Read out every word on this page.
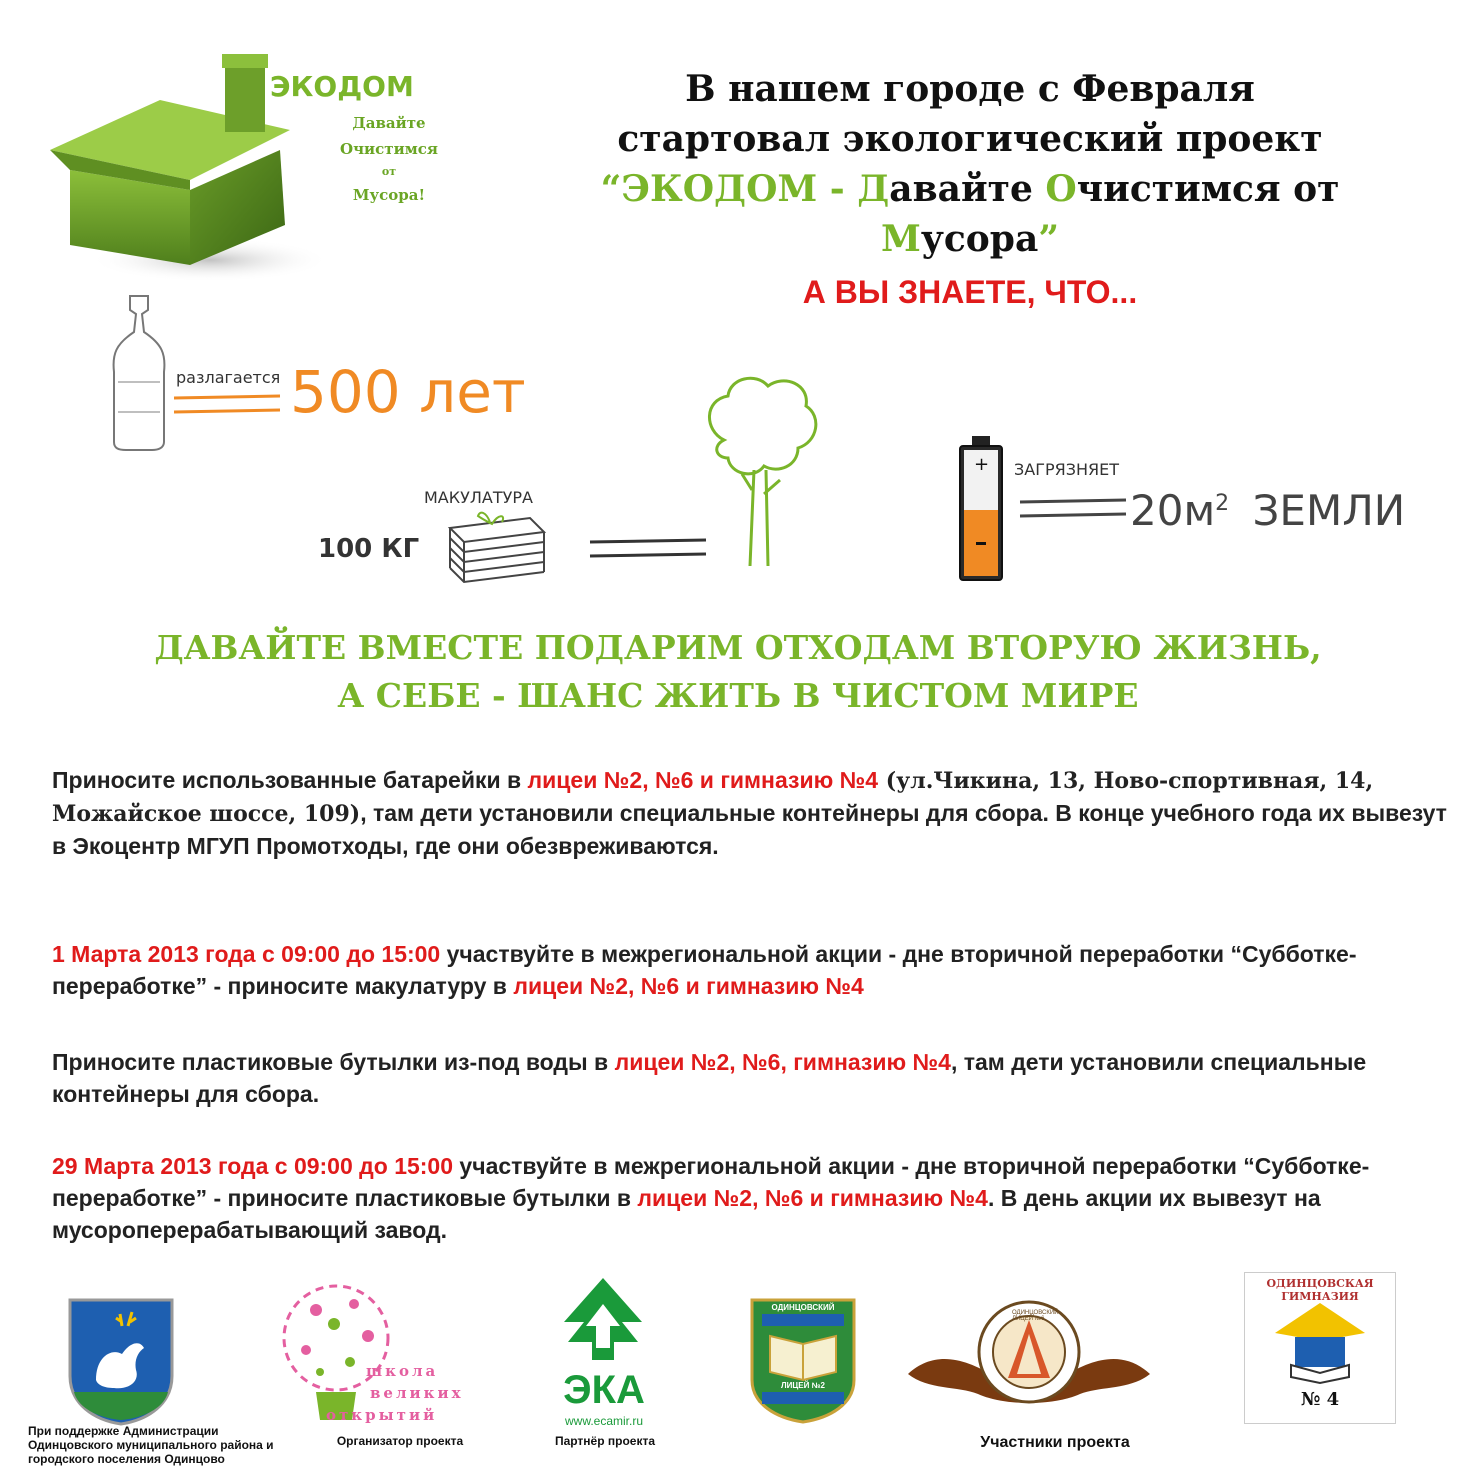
ЭКОДОМ
Давайте
Очистимся
от
Мусора!
В нашем городе с Февраля
стартовал экологический проект
“ЭКОДОМ - Давайте Очистимся от Мусора”
А ВЫ ЗНАЕТЕ, ЧТО...
разлагается 500 лет
МАКУЛАТУРА
100 КГ
+ ЗАГРЯЗНЯЕТ
$20м^2$ ЗЕМЛИ
ДАВАЙТЕ ВМЕСТЕ ПОДАРИМ ОТХОДАМ ВТОРУЮ ЖИЗНЬ,
А СЕБЕ - ШАНС ЖИТЬ В ЧИСТОМ МИРЕ
Приносите использованные батарейки в лицеи №2, №6 и гимназию №4 (ул.Чикина, 13, Ново-спортивная, 14, Можайское шоссе, 109), там дети установили специальные контейнеры для сбора. В конце учебного года их вывезут в Экоцентр МГУП Промотходы, где они обезвреживаются.
1 Марта 2013 года с 09:00 до 15:00 участвуйте в межрегиональной акции - дне вторичной переработки “Субботке-переработке” - приносите макулатуру в лицеи №2, №6 и гимназию №4
Приносите пластиковые бутылки из-под воды в лицеи №2, №6, гимназию №4, там дети установили специальные контейнеры для сбора.
29 Марта 2013 года с 09:00 до 15:00 участвуйте в межрегиональной акции - дне вторичной переработки “Субботке-переработке” - приносите пластиковые бутылки в лицеи №2, №6 и гимназию №4. В день акции их вывезут на мусороперерабатывающий завод.
При поддержке Администрации Одинцовского муниципального района и городского поселения Одинцово
школа
великих
открытий
Организатор проекта
ЭКА
www.ecamir.ru
Партнёр проекта
ОДИНЦОВСКИЙ
ЛИЦЕЙ №2
ОДИНЦОВСКИЙ ЛИЦЕЙ №6
Участники проекта
ОДИНЦОВСКАЯ ГИМНАЗИЯ
№ 4
